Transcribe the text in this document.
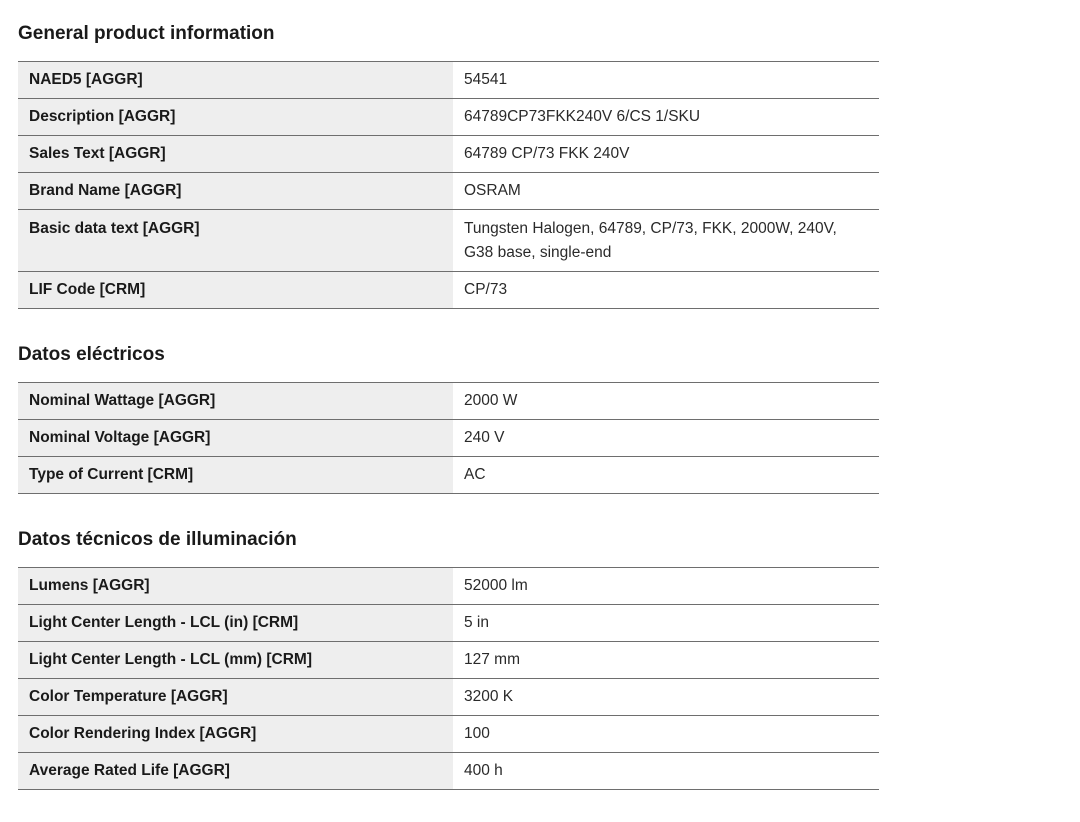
General product information
NAED5 [AGGR]	54541
Description [AGGR]	64789CP73FKK240V 6/CS 1/SKU
Sales Text [AGGR]	64789 CP/73 FKK 240V
Brand Name [AGGR]	OSRAM
Basic data text [AGGR]	Tungsten Halogen, 64789, CP/73, FKK, 2000W, 240V, G38 base, single-end
LIF Code [CRM]	CP/73
Datos eléctricos
Nominal Wattage [AGGR]	2000 W
Nominal Voltage [AGGR]	240 V
Type of Current [CRM]	AC
Datos técnicos de illuminación
Lumens [AGGR]	52000 lm
Light Center Length - LCL (in) [CRM]	5 in
Light Center Length - LCL (mm) [CRM]	127 mm
Color Temperature [AGGR]	3200 K
Color Rendering Index [AGGR]	100
Average Rated Life [AGGR]	400 h
